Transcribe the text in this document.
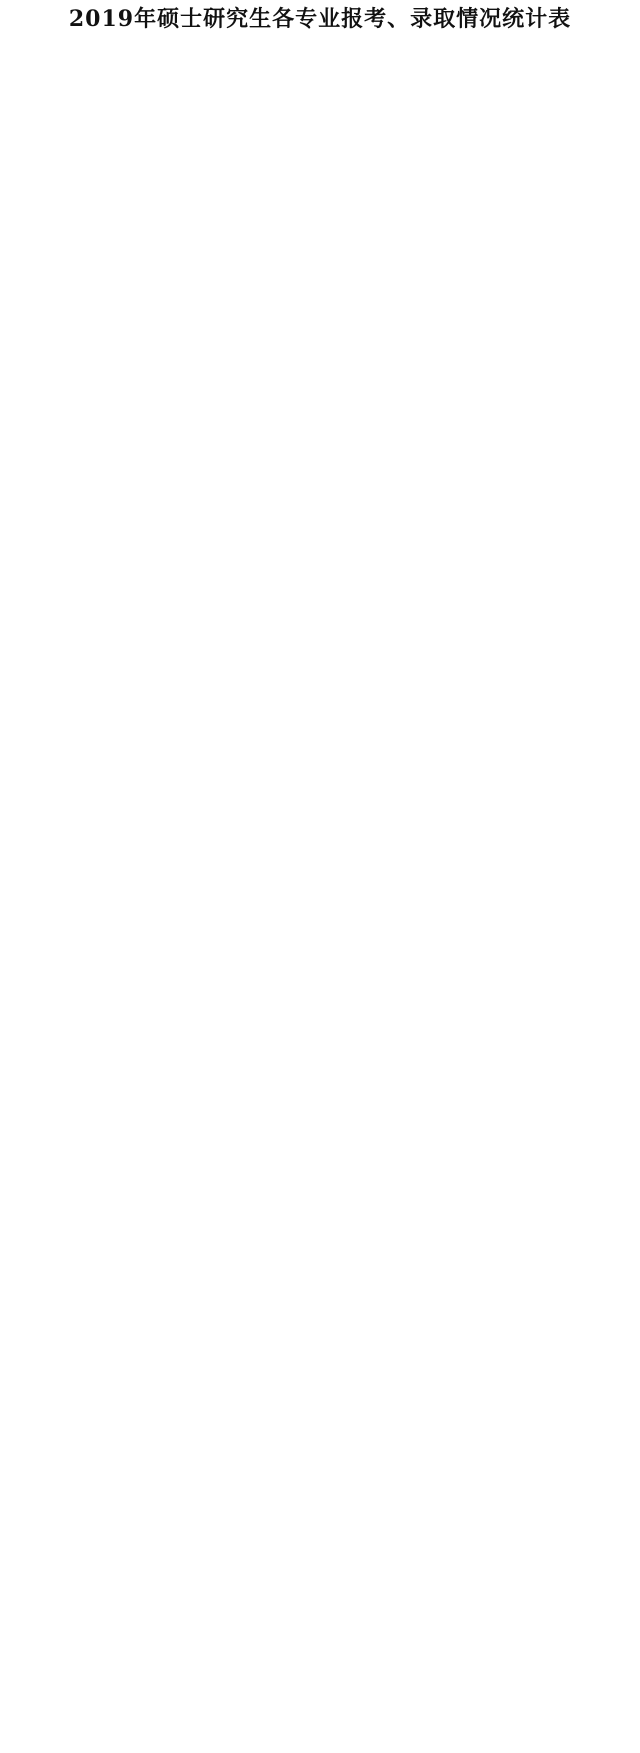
2019年硕士研究生各专业报考、录取情况统计表
